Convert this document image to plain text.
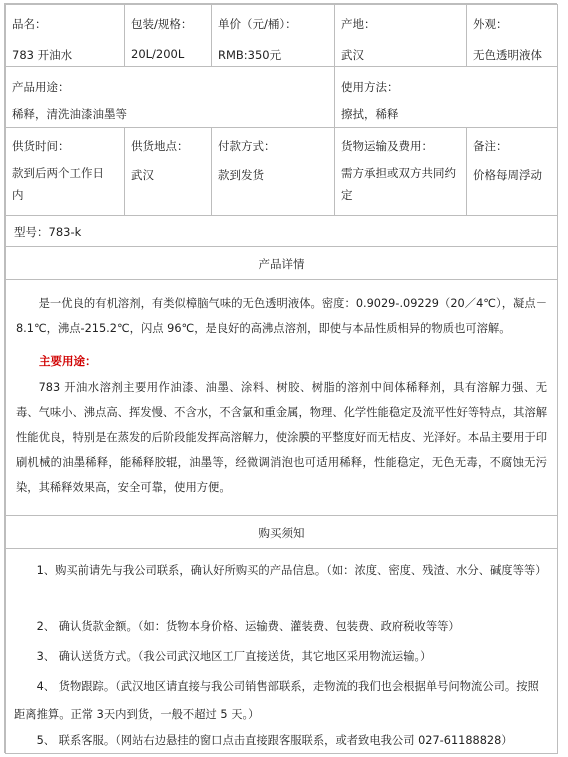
品名：
783 开油水
包装/规格：
20L/200L
单价（元/桶）：
RMB:350元
产地：
武汉
外观：
无色透明液体
产品用途：
稀释，清洗油漆油墨等
使用方法：
擦拭，稀释
供货时间：
款到后两个工作日内
供货地点：
武汉
付款方式：
款到发货
货物运输及费用：
需方承担或双方共同约定
备注：
价格每周浮动
型号：783-k
产品详情
是一优良的有机溶剂，有类似樟脑气味的无色透明液体。密度：0.9029-.09229（20／4℃），凝点－8.1℃，沸点-215.2℃，闪点 96℃，是良好的高沸点溶剂，即使与本品性质相异的物质也可溶解。
主要用途：
783 开油水溶剂主要用作油漆、油墨、涂料、树胶、树脂的溶剂中间体稀释剂，具有溶解力强、无毒、气味小、沸点高、挥发慢、不含水，不含氯和重金属，物理、化学性能稳定及流平性好等特点，其溶解性能优良，特别是在蒸发的后阶段能发挥高溶解力，使涂膜的平整度好而无桔皮、光泽好。本品主要用于印刷机械的油墨稀释，能稀释胶辊，油墨等，经微调消泡也可适用稀释，性能稳定，无色无毒，不腐蚀无污染，其稀释效果高，安全可靠，使用方便。
购买须知
1、购买前请先与我公司联系，确认好所购买的产品信息。（如：浓度、密度、残渣、水分、碱度等等）
2、 确认货款金额。（如：货物本身价格、运输费、灌装费、包装费、政府税收等等）
3、 确认送货方式。（我公司武汉地区工厂直接送货，其它地区采用物流运输。）
4、 货物跟踪。（武汉地区请直接与我公司销售部联系，走物流的我们也会根据单号问物流公司。按照距离推算。正常 3天内到货，一般不超过 5 天。）
5、 联系客服。（网站右边悬挂的窗口点击直接跟客服联系，或者致电我公司 027-61188828）
